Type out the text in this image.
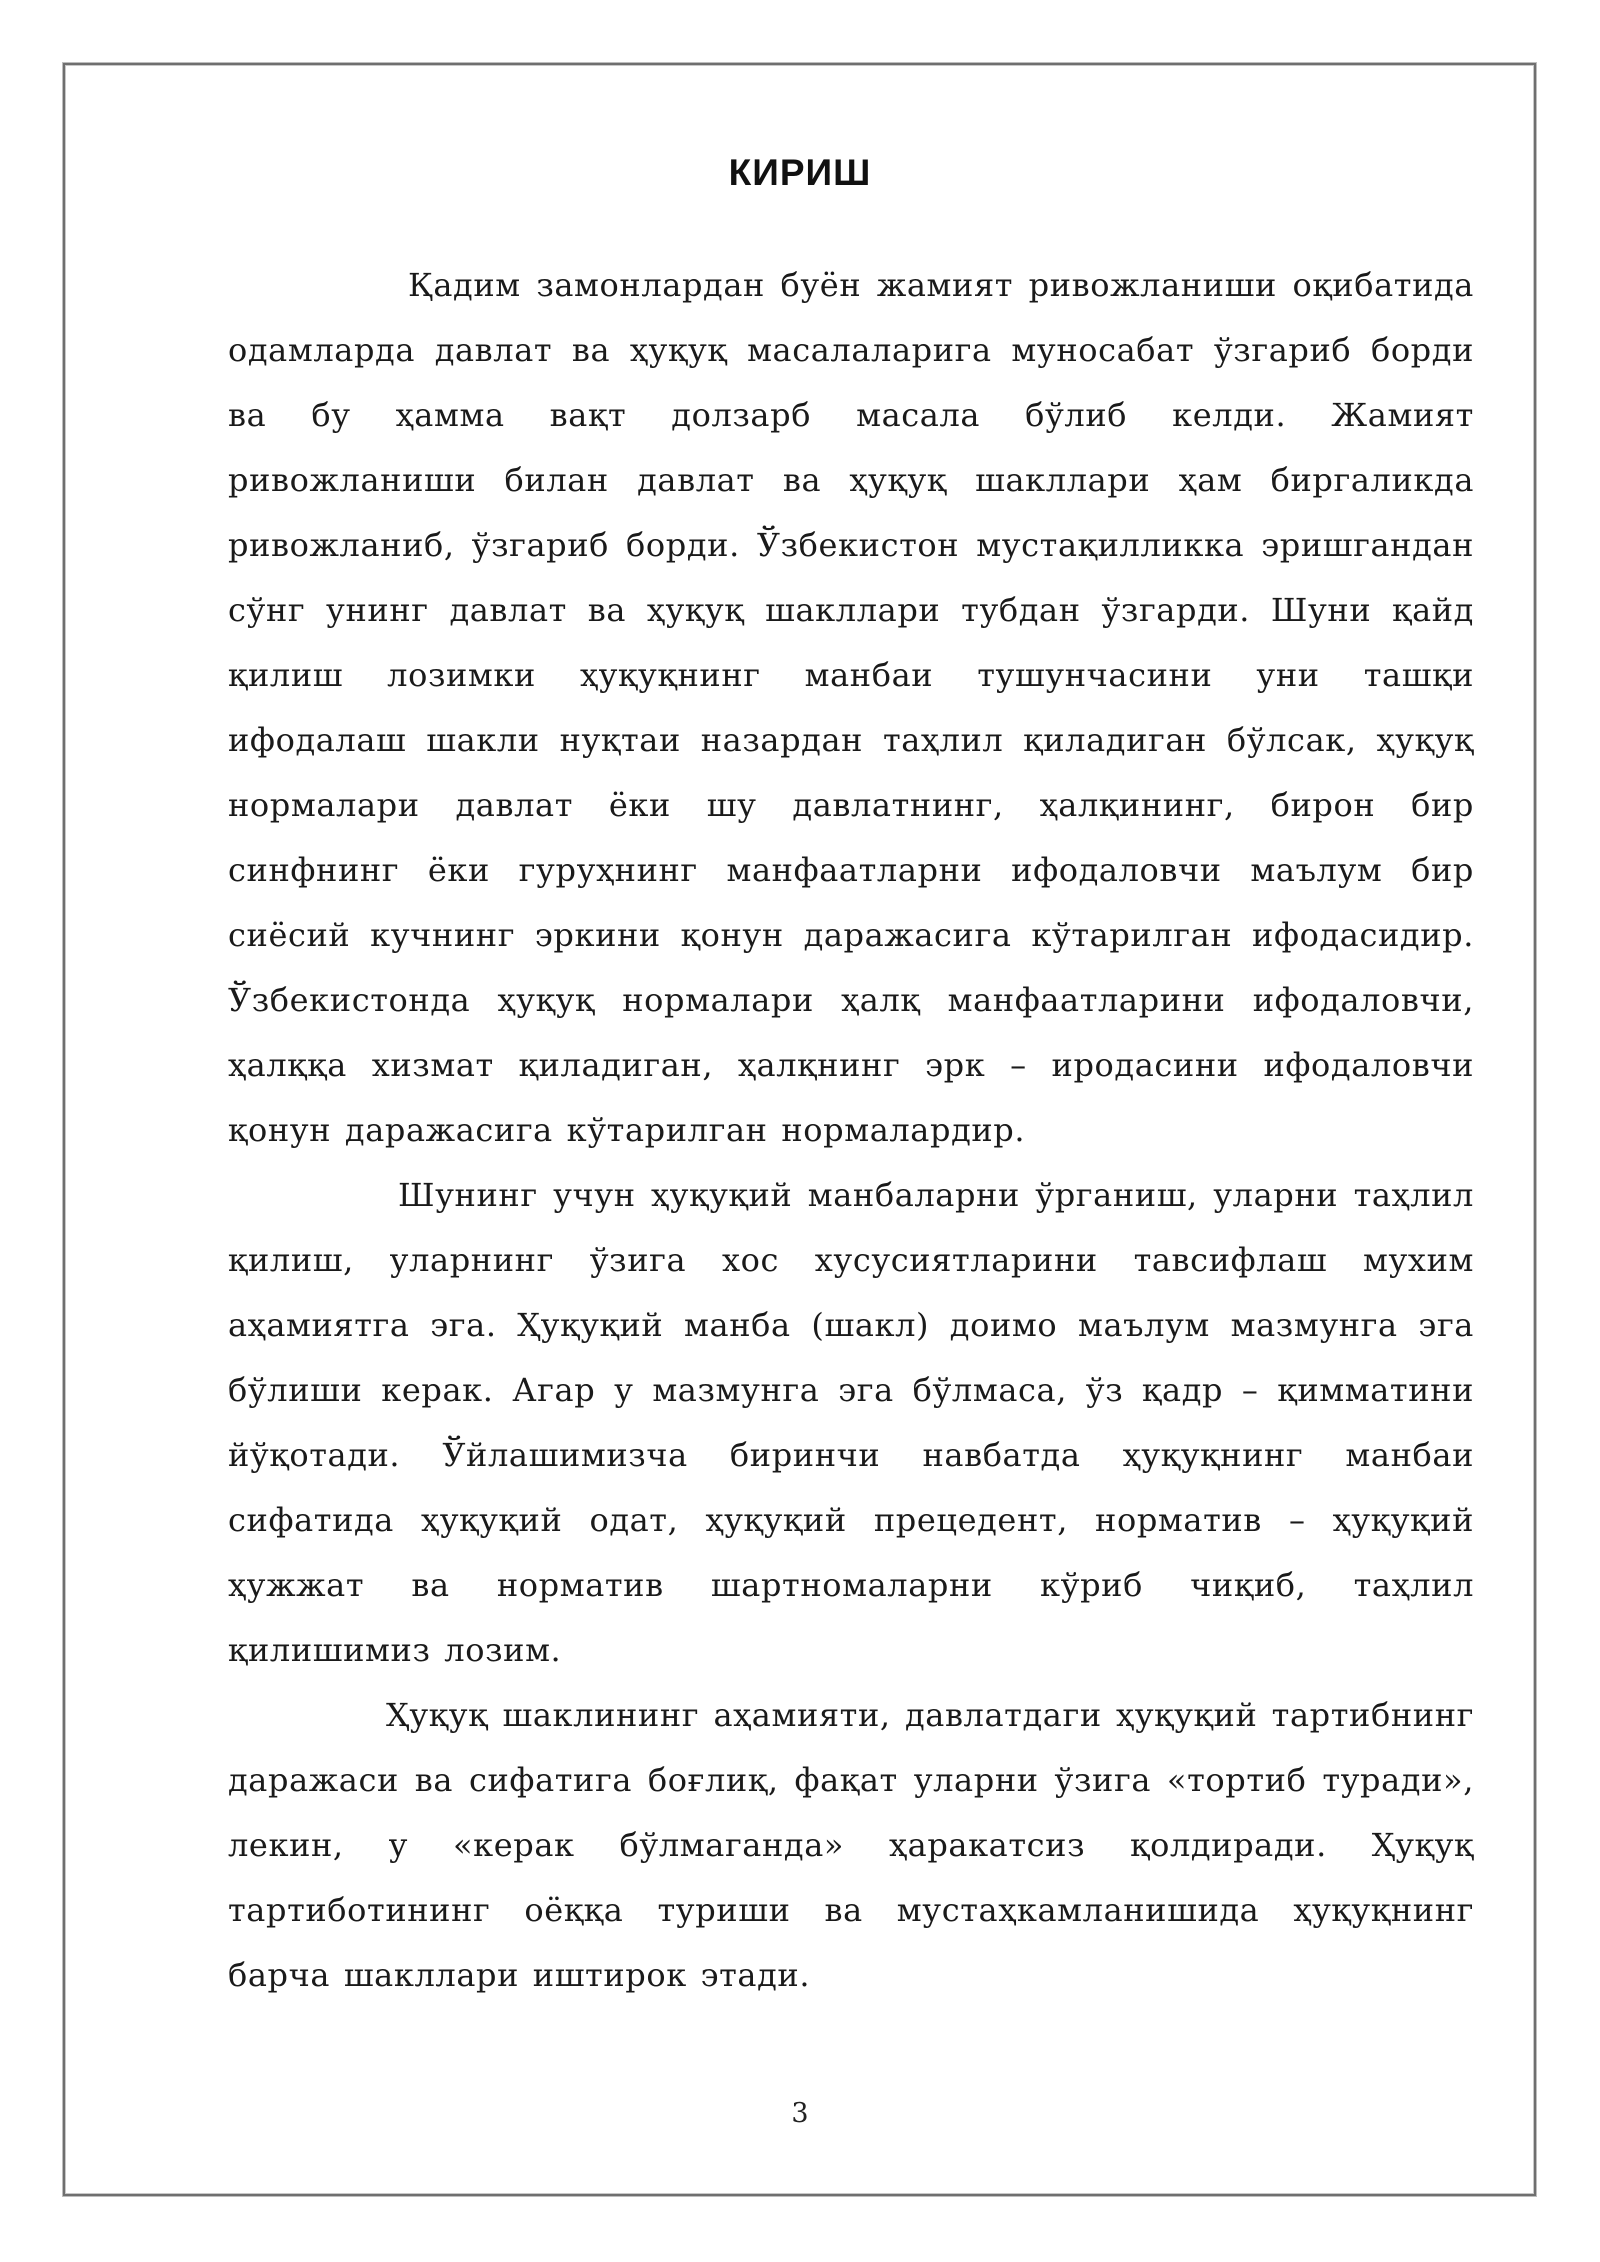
КИРИШ

Қадим замонлардан буён жамият ривожланиши оқибатида одамларда давлат ва ҳуқуқ масалаларига муносабат ўзгариб борди ва бу ҳамма вақт долзарб масала бўлиб келди. Жамият ривожланиши билан давлат ва ҳуқуқ шакллари ҳам биргаликда ривожланиб, ўзгариб борди. Ўзбекистон мустақилликка эришгандан сўнг унинг давлат ва ҳуқуқ шакллари тубдан ўзгарди. Шуни қайд қилиш лозимки ҳуқуқнинг манбаи тушунчасини уни ташқи ифодалаш шакли нуқтаи назардан таҳлил қиладиган бўлсак, ҳуқуқ нормалари давлат ёки шу давлатнинг, ҳалқининг, бирон бир синфнинг ёки гуруҳнинг манфаатларни ифодаловчи маълум бир сиёсий кучнинг эркини қонун даражасига кўтарилган ифодасидир. Ўзбекистонда ҳуқуқ нормалари ҳалқ манфаатларини ифодаловчи, ҳалққа хизмат қиладиган, ҳалқнинг эрк – иродасини ифодаловчи қонун даражасига кўтарилган нормалардир.

Шунинг учун ҳуқуқий манбаларни ўрганиш, уларни таҳлил қилиш, уларнинг ўзига хос хусусиятларини тавсифлаш мухим аҳамиятга эга. Ҳуқуқий манба (шакл) доимо маълум мазмунга эга бўлиши керак. Агар у мазмунга эга бўлмаса, ўз қадр – қимматини йўқотади. Ўйлашимизча биринчи навбатда ҳуқуқнинг манбаи сифатида ҳуқуқий одат, ҳуқуқий прецедент, норматив – ҳуқуқий ҳужжат ва норматив шартномаларни кўриб чиқиб, таҳлил қилишимиз лозим.

Ҳуқуқ шаклининг аҳамияти, давлатдаги ҳуқуқий тартибнинг даражаси ва сифатига боғлиқ, фақат уларни ўзига «тортиб туради», лекин, у «керак бўлмаганда» ҳаракатсиз қолдиради. Ҳуқуқ тартиботининг оёққа туриши ва мустаҳкамланишида ҳуқуқнинг барча шакллари иштирок этади.

3
